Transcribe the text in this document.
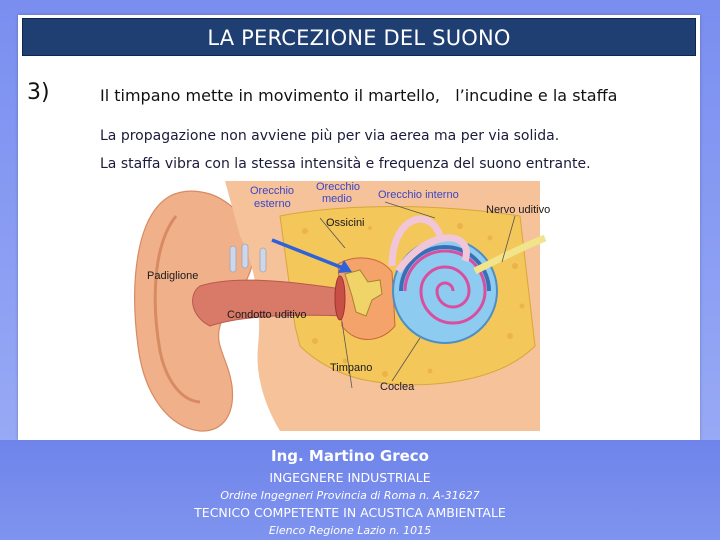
LA PERCEZIONE DEL SUONO
3)	Il timpano mette in movimento il martello,   l’incudine e la staffa
La propagazione non avviene più per via aerea ma per via solida.
La staffa vibra con la stessa intensità e frequenza del suono entrante.
Orecchio
esterno
Orecchio
medio Orecchio interno
Nervo uditivo
Ossicini
Padiglione
Condotto uditivo
Timpano
Coclea
Ing. Martino Greco
INGEGNERE INDUSTRIALE
Ordine Ingegneri Provincia di Roma n. A-31627
TECNICO COMPETENTE IN ACUSTICA AMBIENTALE
Elenco Regione Lazio n. 1015
